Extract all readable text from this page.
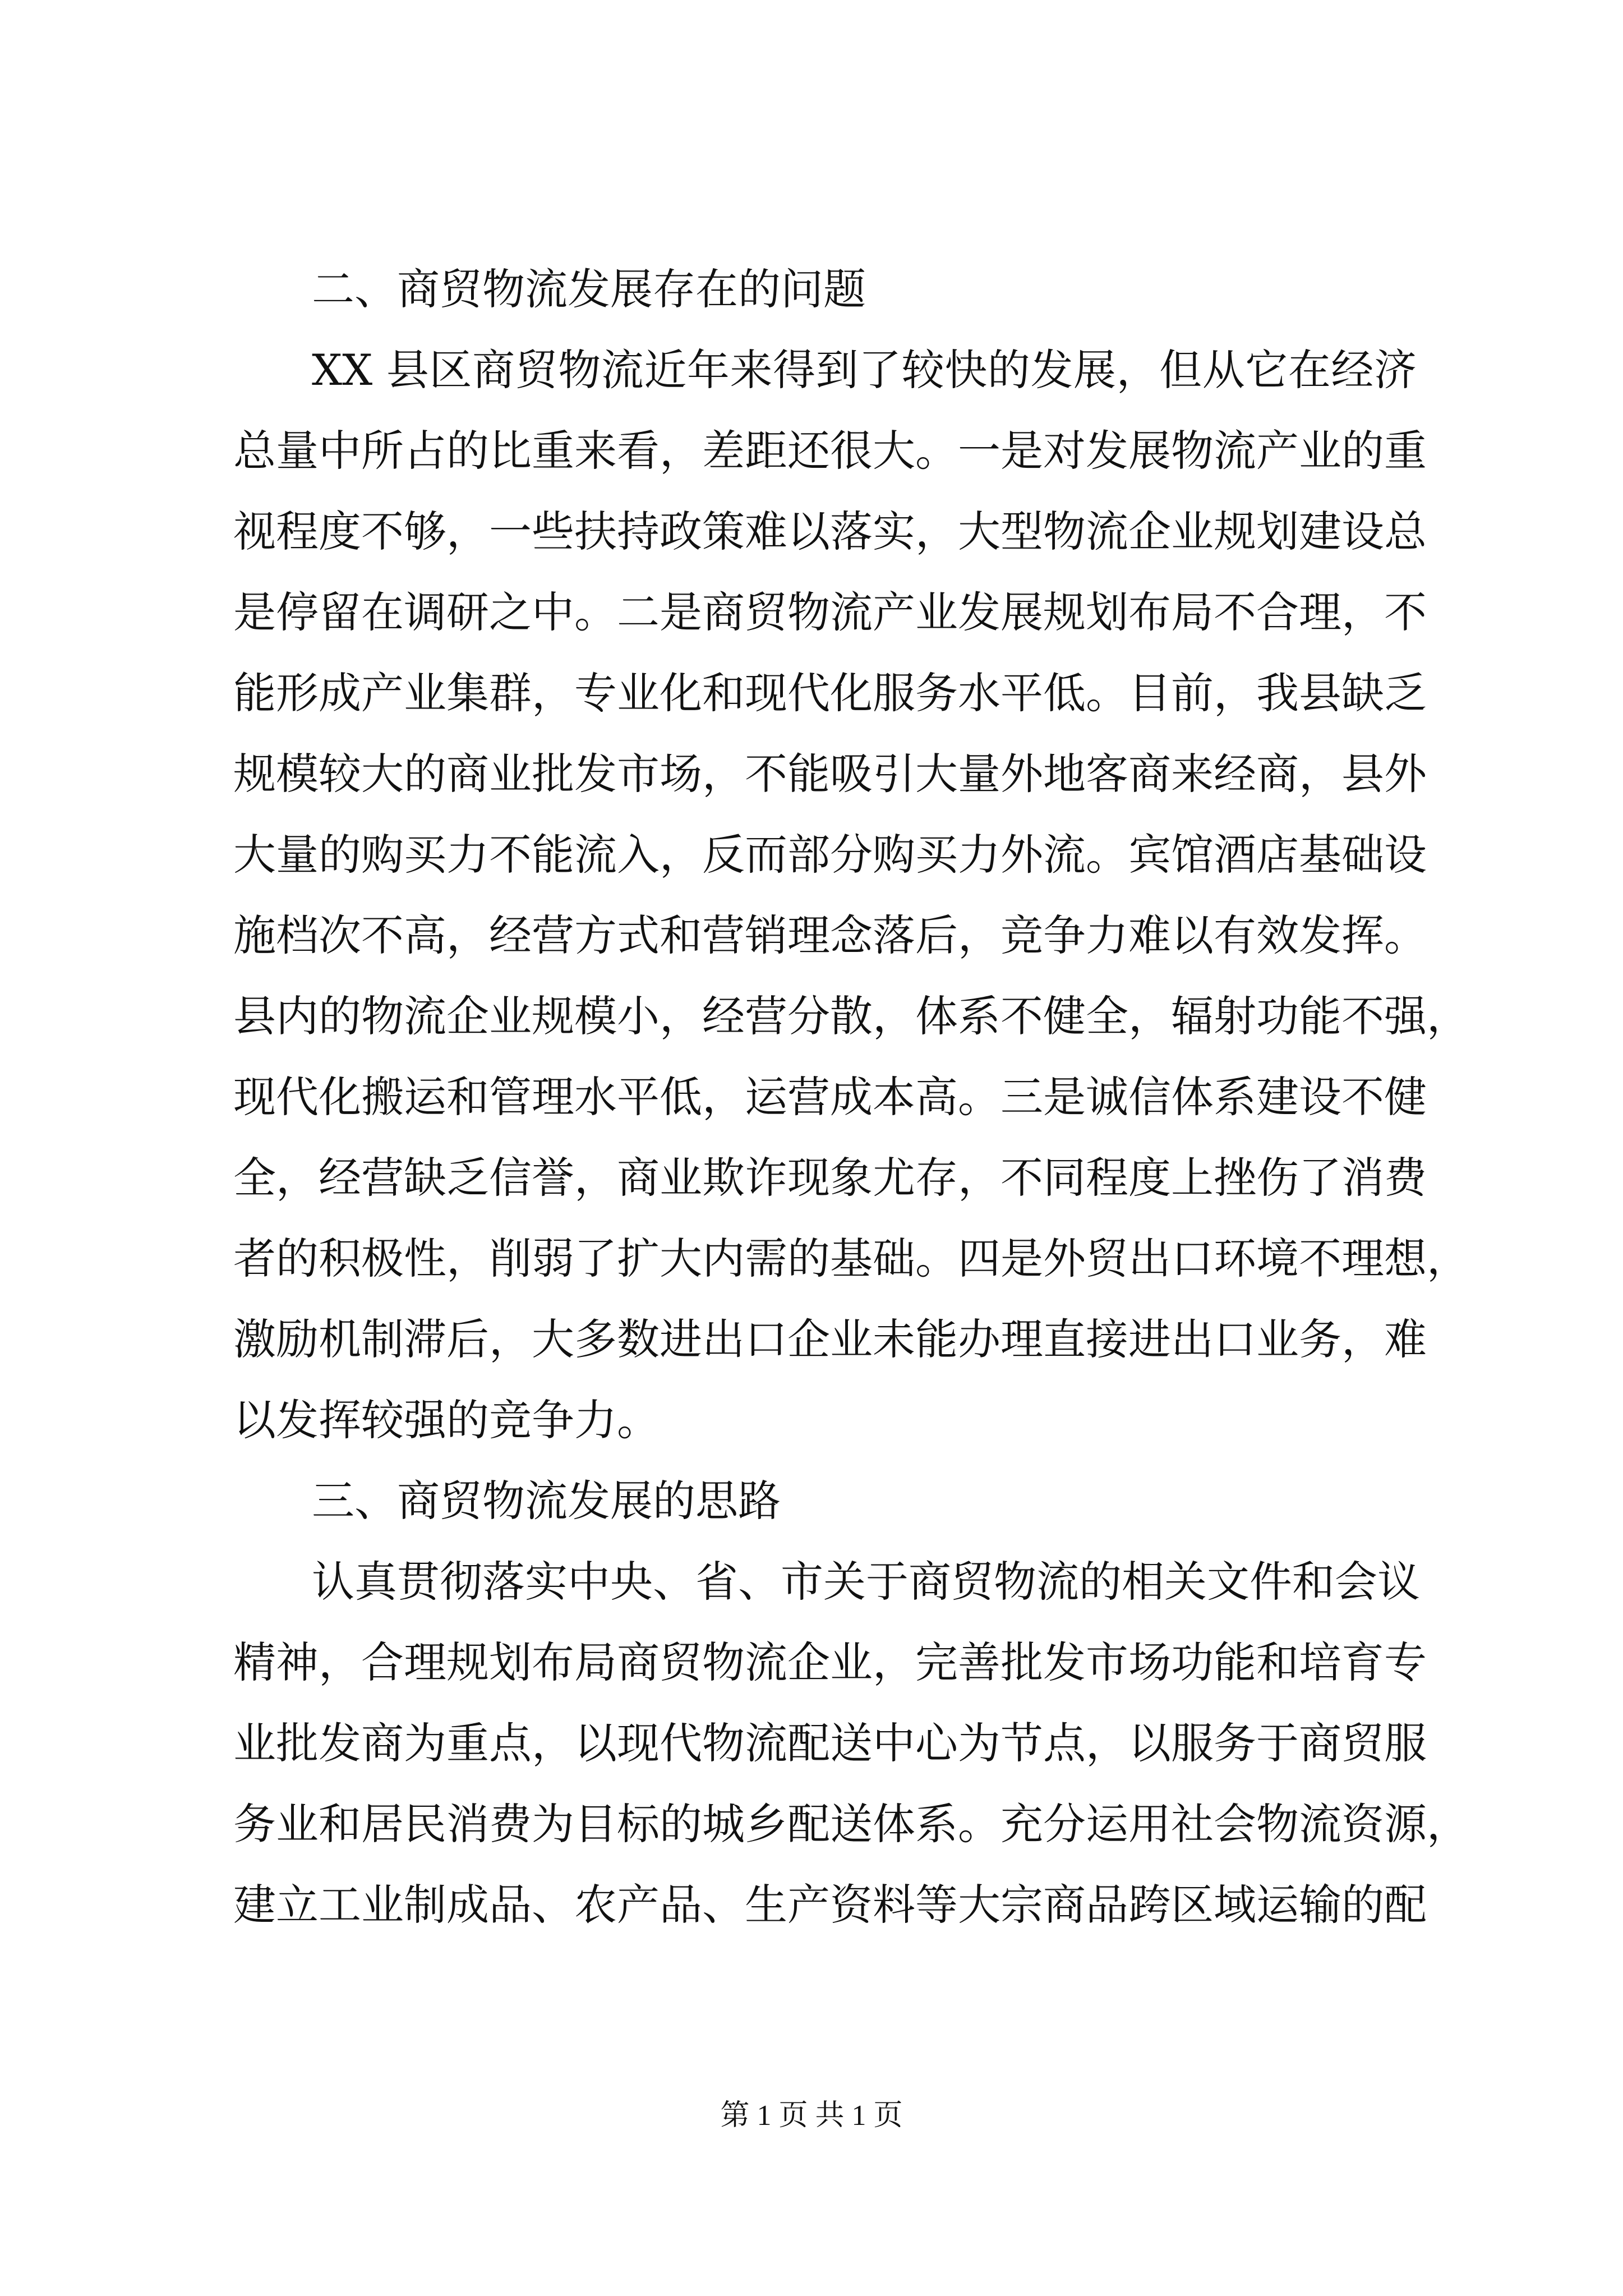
二、商贸物流发展存在的问题
XX 县区商贸物流近年来得到了较快的发展，但从它在经济
总量中所占的比重来看，差距还很大。一是对发展物流产业的重
视程度不够，一些扶持政策难以落实，大型物流企业规划建设总
是停留在调研之中。二是商贸物流产业发展规划布局不合理，不
能形成产业集群，专业化和现代化服务水平低。目前，我县缺乏
规模较大的商业批发市场，不能吸引大量外地客商来经商，县外
大量的购买力不能流入，反而部分购买力外流。宾馆酒店基础设
施档次不高，经营方式和营销理念落后，竞争力难以有效发挥。
县内的物流企业规模小，经营分散，体系不健全，辐射功能不强，
现代化搬运和管理水平低，运营成本高。三是诚信体系建设不健
全，经营缺乏信誉，商业欺诈现象尤存，不同程度上挫伤了消费
者的积极性，削弱了扩大内需的基础。四是外贸出口环境不理想，
激励机制滞后，大多数进出口企业未能办理直接进出口业务，难
以发挥较强的竞争力。
三、商贸物流发展的思路
认真贯彻落实中央、省、市关于商贸物流的相关文件和会议
精神，合理规划布局商贸物流企业，完善批发市场功能和培育专
业批发商为重点，以现代物流配送中心为节点，以服务于商贸服
务业和居民消费为目标的城乡配送体系。充分运用社会物流资源，
建立工业制成品、农产品、生产资料等大宗商品跨区域运输的配
第 1 页 共 1 页
